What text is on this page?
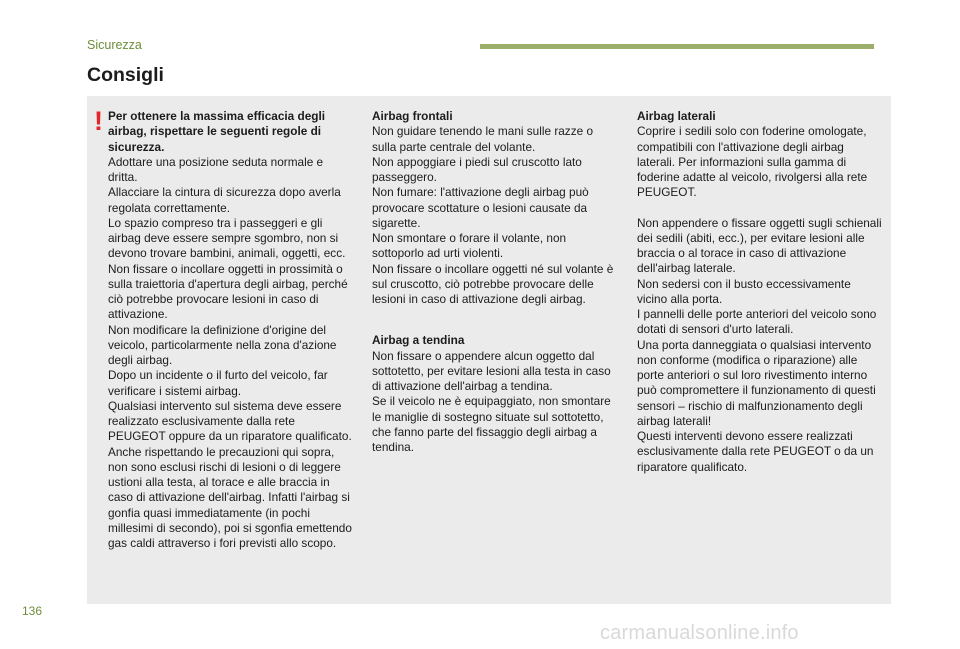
Sicurezza
Consigli
! Per ottenere la massima efficacia degli airbag, rispettare le seguenti regole di sicurezza.

Adottare una posizione seduta normale e dritta.
Allacciare la cintura di sicurezza dopo averla regolata correttamente.
Lo spazio compreso tra i passeggeri e gli airbag deve essere sempre sgombro, non si devono trovare bambini, animali, oggetti, ecc.
Non fissare o incollare oggetti in prossimità o sulla traiettoria d'apertura degli airbag, perché ciò potrebbe provocare lesioni in caso di attivazione.
Non modificare la definizione d'origine del veicolo, particolarmente nella zona d'azione degli airbag.
Dopo un incidente o il furto del veicolo, far verificare i sistemi airbag.
Qualsiasi intervento sul sistema deve essere realizzato esclusivamente dalla rete PEUGEOT oppure da un riparatore qualificato.
Anche rispettando le precauzioni qui sopra, non sono esclusi rischi di lesioni o di leggere ustioni alla testa, al torace e alle braccia in caso di attivazione dell'airbag. Infatti l'airbag si gonfia quasi immediatamente (in pochi millesimi di secondo), poi si sgonfia emettendo gas caldi attraverso i fori previsti allo scopo.

Airbag frontali

Non guidare tenendo le mani sulle razze o sulla parte centrale del volante.
Non appoggiare i piedi sul cruscotto lato passeggero.
Non fumare: l'attivazione degli airbag può provocare scottature o lesioni causate da sigarette.
Non smontare o forare il volante, non sottoporlo ad urti violenti.
Non fissare o incollare oggetti né sul volante è sul cruscotto, ciò potrebbe provocare delle lesioni in caso di attivazione degli airbag.

Airbag a tendina

Non fissare o appendere alcun oggetto dal sottotetto, per evitare lesioni alla testa in caso di attivazione dell'airbag a tendina.
Se il veicolo ne è equipaggiato, non smontare le maniglie di sostegno situate sul sottotetto, che fanno parte del fissaggio degli airbag a tendina.

Airbag laterali

Coprire i sedili solo con foderine omologate, compatibili con l'attivazione degli airbag laterali. Per informazioni sulla gamma di foderine adatte al veicolo, rivolgersi alla rete PEUGEOT.

Non appendere o fissare oggetti sugli schienali dei sedili (abiti, ecc.), per evitare lesioni alle braccia o al torace in caso di attivazione dell'airbag laterale.
Non sedersi con il busto eccessivamente vicino alla porta.
I pannelli delle porte anteriori del veicolo sono dotati di sensori d'urto laterali.
Una porta danneggiata o qualsiasi intervento non conforme (modifica o riparazione) alle porte anteriori o sul loro rivestimento interno può compromettere il funzionamento di questi sensori – rischio di malfunzionamento degli airbag laterali!
Questi interventi devono essere realizzati esclusivamente dalla rete PEUGEOT o da un riparatore qualificato.

136
carmanualsonline.info
